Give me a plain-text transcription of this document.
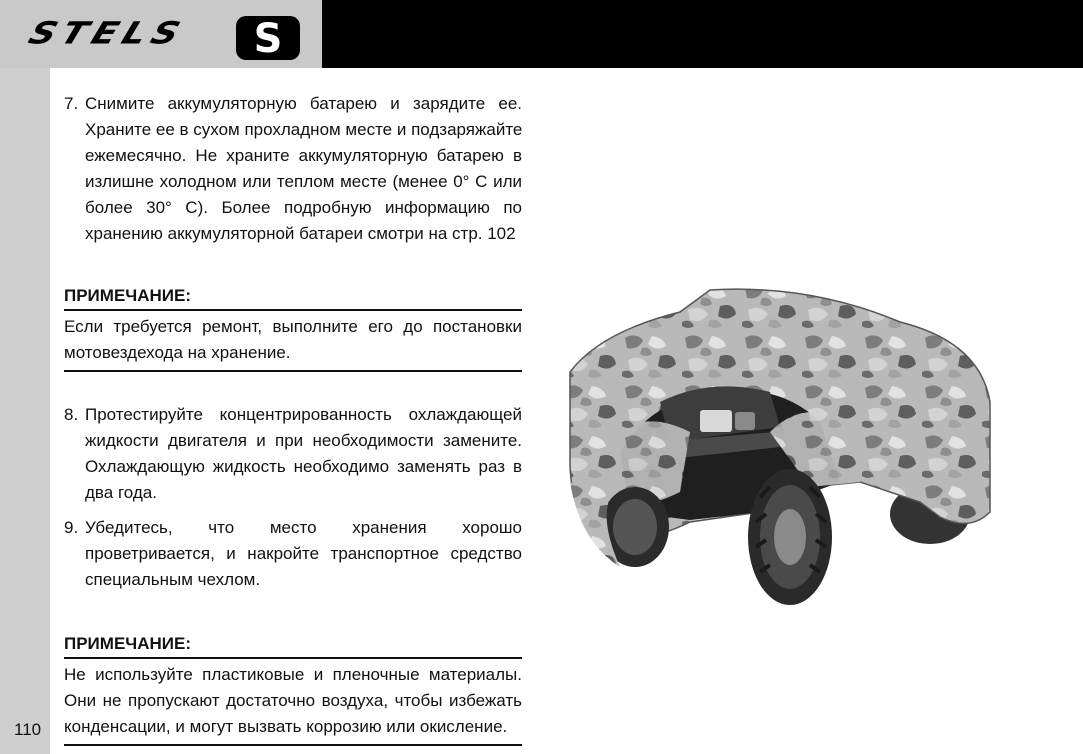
STELS	S
110
7. Снимите аккумуляторную батарею и зарядите ее.
Храните ее в сухом прохладном месте и подзаряжайте
ежемесячно. Не храните аккумуляторную батарею в
излишне холодном или теплом месте (менее 0° С или
более 30° С). Более подробную информацию по
хранению аккумуляторной батареи смотри на стр. 102
ПРИМЕЧАНИЕ:
Если требуется ремонт, выполните его до постановки
мотовездехода на хранение.
8. Протестируйте концентрированность охлаждающей
жидкости двигателя и при необходимости замените.
Охлаждающую жидкость необходимо заменять раз в
два года.
9. Убедитесь, что место хранения хорошо
проветривается, и накройте транспортное средство
специальным чехлом.
ПРИМЕЧАНИЕ:
Не используйте пластиковые и пленочные материалы.
Они не пропускают достаточно воздуха, чтобы избежать
конденсации, и могут вызвать коррозию или окисление.
